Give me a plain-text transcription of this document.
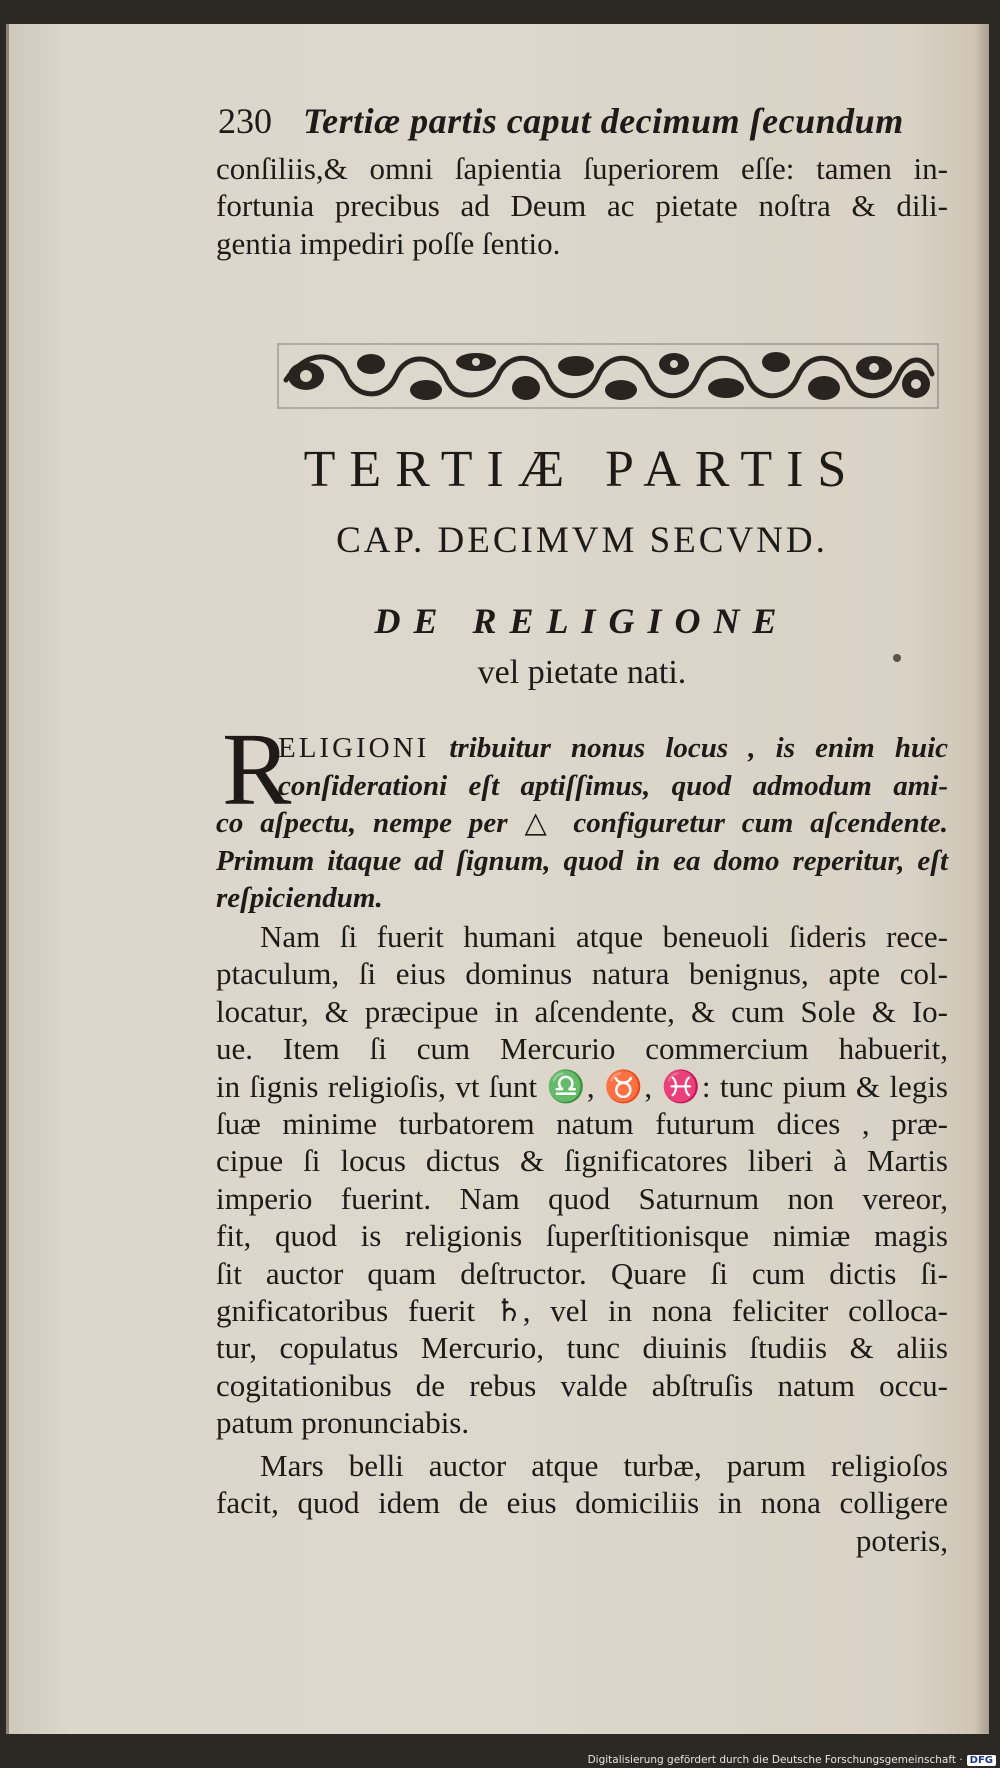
230 Tertiæ partis caput decimum ſecundum
conſiliis,& omni ſapientia ſuperiorem eſſe: tamen in-
fortunia precibus ad Deum ac pietate noſtra & dili-
gentia impediri poſſe ſentio.
TERTIÆ PARTIS
CAP. DECIMVM SECVND.
DE RELIGIONE
vel pietate nati.
R
ELIGIONI tribuitur nonus locus , is enim huic
conſiderationi eſt aptiſſimus, quod admodum ami-
co aſpectu, nempe per △ configuretur cum aſcendente.
Primum itaque ad ſignum, quod in ea domo reperitur, eſt
reſpiciendum.
Nam ſi fuerit humani atque beneuoli ſideris rece-
ptaculum, ſi eius dominus natura benignus, apte col-
locatur, & præcipue in aſcendente, & cum Sole & Io-
ue. Item ſi cum Mercurio commercium habuerit,
in ſignis religioſis, vt ſunt ♎, ♉, ♓: tunc pium & legis
ſuæ minime turbatorem natum futurum dices , præ-
cipue ſi locus dictus & ſignificatores liberi à Martis
imperio fuerint. Nam quod Saturnum non vereor,
fit, quod is religionis ſuperſtitionisque nimiæ magis
ſit auctor quam deſtructor. Quare ſi cum dictis ſi-
gnificatoribus fuerit ♄, vel in nona feliciter colloca-
tur, copulatus Mercurio, tunc diuinis ſtudiis & aliis
cogitationibus de rebus valde abſtruſis natum occu-
patum pronunciabis.
Mars belli auctor atque turbæ, parum religioſos
facit, quod idem de eius domiciliis in nona colligere
poteris,
Digitalisierung gefördert durch die Deutsche Forschungsgemeinschaft · DFG
